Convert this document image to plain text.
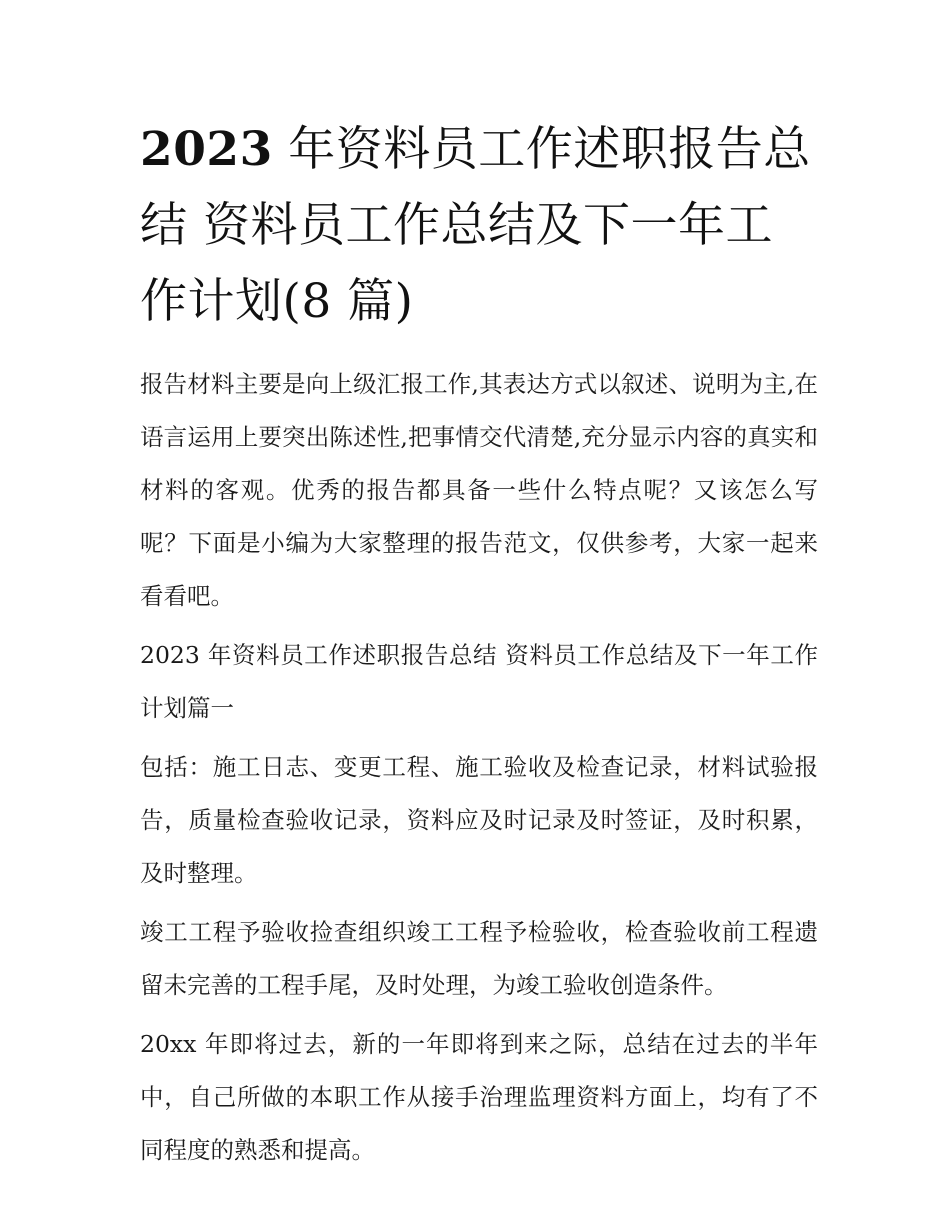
2023 年资料员工作述职报告总结 资料员工作总结及下一年工作计划(8 篇)

报告材料主要是向上级汇报工作,其表达方式以叙述、说明为主,在语言运用上要突出陈述性,把事情交代清楚,充分显示内容的真实和材料的客观。优秀的报告都具备一些什么特点呢？又该怎么写呢？下面是小编为大家整理的报告范文，仅供参考，大家一起来看看吧。

2023 年资料员工作述职报告总结 资料员工作总结及下一年工作计划篇一

包括：施工日志、变更工程、施工验收及检查记录，材料试验报告，质量检查验收记录，资料应及时记录及时签证，及时积累，及时整理。

竣工工程予验收捡查组织竣工工程予检验收，检查验收前工程遗留未完善的工程手尾，及时处理，为竣工验收创造条件。

20xx 年即将过去，新的一年即将到来之际，总结在过去的半年中，自己所做的本职工作从接手治理监理资料方面上，均有了不同程度的熟悉和提高。
